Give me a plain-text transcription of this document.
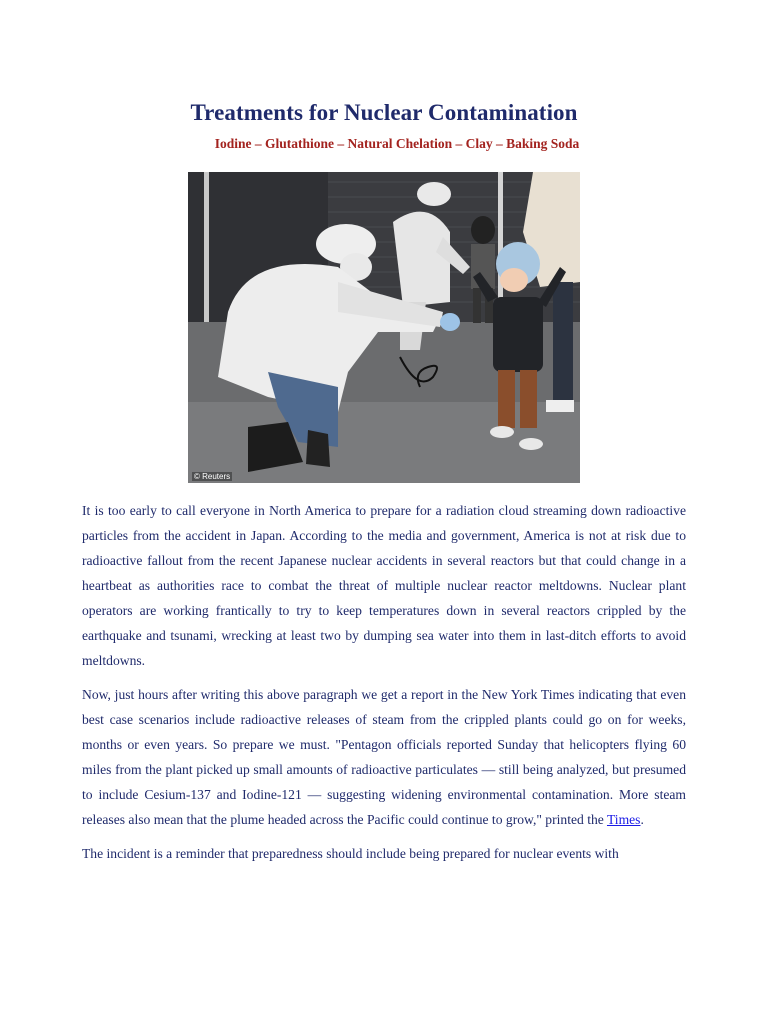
Treatments for Nuclear Contamination
Iodine – Glutathione – Natural Chelation – Clay – Baking Soda
© Reuters

It is too early to call everyone in North America to prepare for a radiation cloud streaming down radioactive particles from the accident in Japan. According to the media and government, America is not at risk due to radioactive fallout from the recent Japanese nuclear accidents in several reactors but that could change in a heartbeat as authorities race to combat the threat of multiple nuclear reactor meltdowns. Nuclear plant operators are working frantically to try to keep temperatures down in several reactors crippled by the earthquake and tsunami, wrecking at least two by dumping sea water into them in last-ditch efforts to avoid meltdowns.

Now, just hours after writing this above paragraph we get a report in the New York Times indicating that even best case scenarios include radioactive releases of steam from the crippled plants could go on for weeks, months or even years. So prepare we must. "Pentagon officials reported Sunday that helicopters flying 60 miles from the plant picked up small amounts of radioactive particulates — still being analyzed, but presumed to include Cesium-137 and Iodine-121 — suggesting widening environmental contamination. More steam releases also mean that the plume headed across the Pacific could continue to grow," printed the Times.

The incident is a reminder that preparedness should include being prepared for nuclear events with
